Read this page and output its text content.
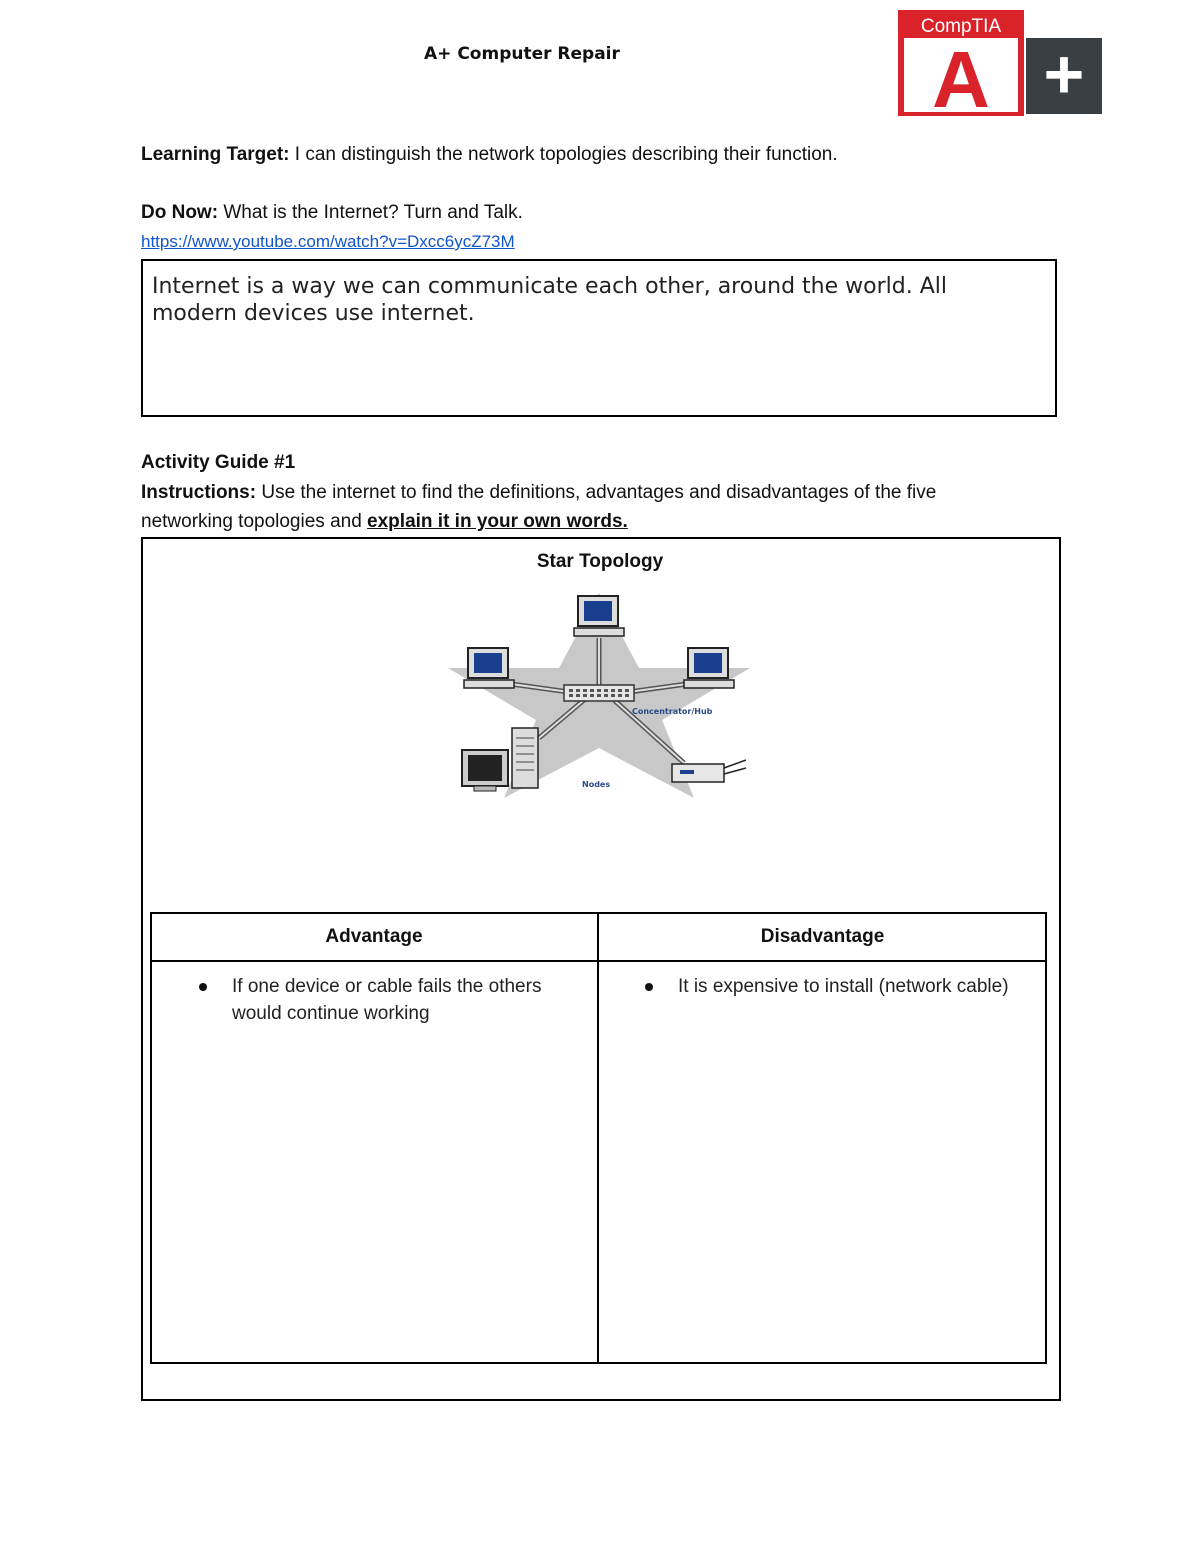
A+ Computer Repair
CompTIA
A +
Learning Target: I can distinguish the network topologies describing their function.
Do Now: What is the Internet? Turn and Talk.
https://www.youtube.com/watch?v=Dxcc6ycZ73M
Internet is a way we can communicate each other, around the world. All modern devices use internet.
Activity Guide #1
Instructions: Use the internet to find the definitions, advantages and disadvantages of the five
networking topologies and explain it in your own words.
Star Topology
Concentrator/Hub
Nodes
Advantage	Disadvantage
If one device or cable fails the others would continue working
It is expensive to install (network cable)
